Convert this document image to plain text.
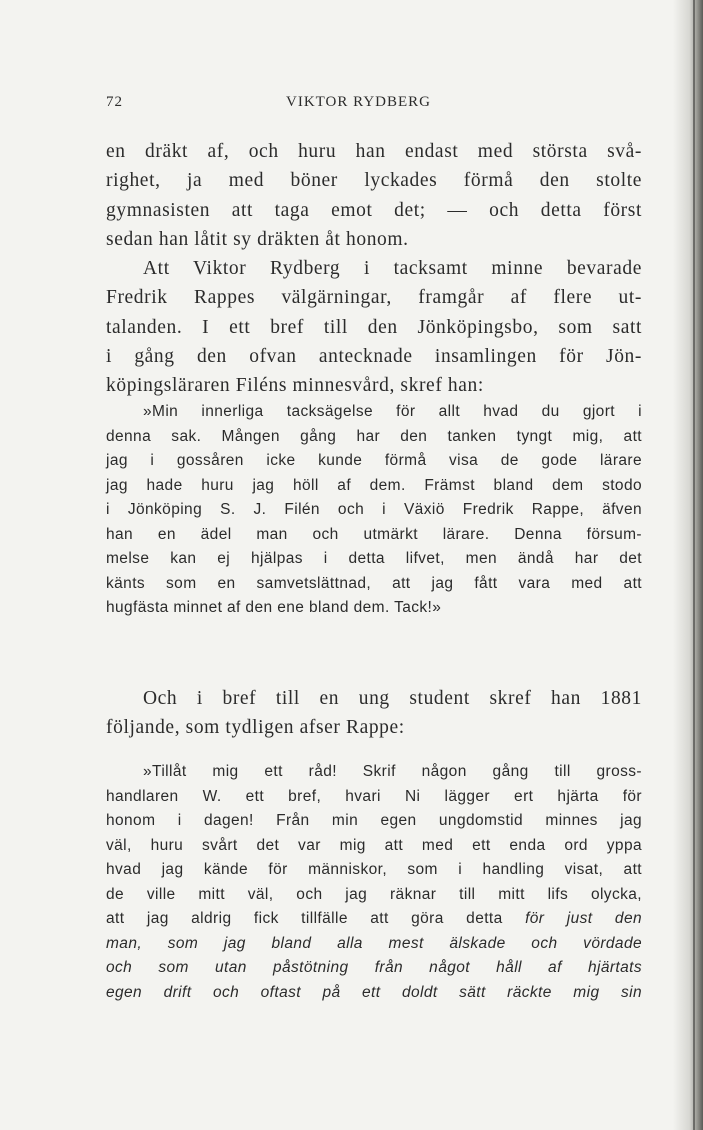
72	VIKTOR RYDBERG
en dräkt af, och huru han endast med största svå-
righet, ja med böner lyckades förmå den stolte
gymnasisten att taga emot det; — och detta först
sedan han låtit sy dräkten åt honom.
Att Viktor Rydberg i tacksamt minne bevarade
Fredrik Rappes välgärningar, framgår af flere ut-
talanden. I ett bref till den Jönköpingsbo, som satt
i gång den ofvan antecknade insamlingen för Jön-
köpingsläraren Filéns minnesvård, skref han:
»Min innerliga tacksägelse för allt hvad du gjort i
denna sak. Mången gång har den tanken tyngt mig, att
jag i gossåren icke kunde förmå visa de gode lärare
jag hade huru jag höll af dem. Främst bland dem stodo
i Jönköping S. J. Filén och i Växiö Fredrik Rappe, äfven
han en ädel man och utmärkt lärare. Denna försum-
melse kan ej hjälpas i detta lifvet, men ändå har det
känts som en samvetslättnad, att jag fått vara med att
hugfästa minnet af den ene bland dem. Tack!»
Och i bref till en ung student skref han 1881
följande, som tydligen afser Rappe:
»Tillåt mig ett råd! Skrif någon gång till gross-
handlaren W. ett bref, hvari Ni lägger ert hjärta för
honom i dagen! Från min egen ungdomstid minnes jag
väl, huru svårt det var mig att med ett enda ord yppa
hvad jag kände för människor, som i handling visat, att
de ville mitt väl, och jag räknar till mitt lifs olycka,
att jag aldrig fick tillfälle att göra detta för just den
man, som jag bland alla mest älskade och vördade
och som utan påstötning från något håll af hjärtats
egen drift och oftast på ett doldt sätt räckte mig sin
